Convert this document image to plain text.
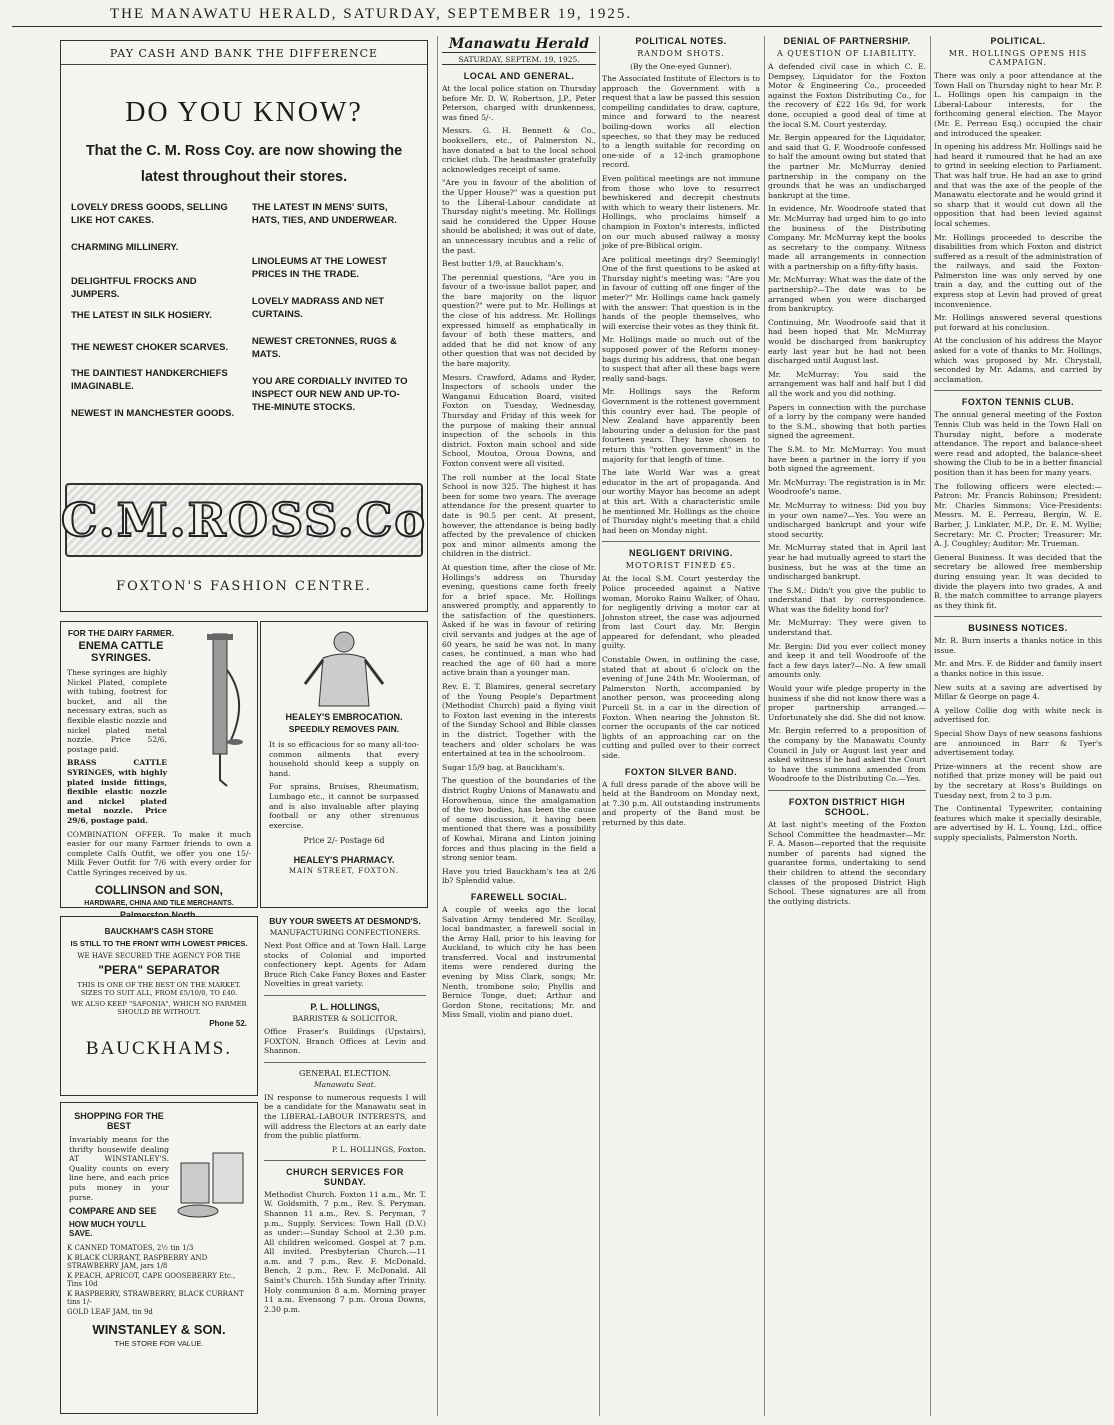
THE MANAWATU HERALD, SATURDAY, SEPTEMBER 19, 1925.
PAY CASH AND BANK THE DIFFERENCE
DO YOU KNOW?
That the C. M. Ross Coy. are now showing the
latest throughout their stores.
LOVELY DRESS GOODS, SELLING LIKE HOT CAKES.
CHARMING MILLINERY.
DELIGHTFUL FROCKS AND JUMPERS.
THE LATEST IN SILK HOSIERY.
THE NEWEST CHOKER SCARVES.
THE DAINTIEST HANDKERCHIEFS IMAGINABLE.
NEWEST IN MANCHESTER GOODS.
THE LATEST IN MENS' SUITS, HATS, TIES, AND UNDERWEAR.
LINOLEUMS AT THE LOWEST PRICES IN THE TRADE.
LOVELY MADRASS AND NET CURTAINS.
NEWEST CRETONNES, RUGS & MATS.
YOU ARE CORDIALLY INVITED TO INSPECT OUR NEW AND UP-TO-THE-MINUTE STOCKS.
C.M.ROSS.Co
FOXTON'S FASHION CENTRE.
FOR THE DAIRY FARMER.
ENEMA CATTLE SYRINGES.

These syringes are highly Nickel Plated, complete with tubing, footrest for bucket, and all the necessary extras, such as flexible elastic nozzle and nickel plated metal nozzle. Price 52/6, postage paid.

BRASS CATTLE SYRINGES, with highly plated inside fittings, flexible elastic nozzle and nickel plated metal nozzle. Price 29/6, postage paid.

COMBINATION OFFER. To make it much easier for our many Farmer friends to own a complete Calfs Outfit, we offer you one 15/- Milk Fever Outfit for 7/6 with every order for Cattle Syringes received by us.

COLLINSON and SON,
HARDWARE, CHINA AND TILE MERCHANTS.
HEALEY'S EMBROCATION.
SPEEDILY REMOVES PAIN.

It is so efficacious for so many all-too-common ailments that every household should keep a supply on hand.

For sprains, Bruises, Rheumatism, Lumbago etc., it cannot be surpassed and is also invaluable after playing football or any other strenuous exercise.

Price 2/- Postage 6d
HEALEY'S PHARMACY.
MAIN STREET, FOXTON.
BAUCKHAM'S CASH STORE
IS STILL TO THE FRONT WITH LOWEST PRICES.
WE HAVE SECURED THE AGENCY FOR THE
"PERA" SEPARATOR
THIS IS ONE OF THE BEST ON THE MARKET. SIZES TO SUIT ALL, FROM £5/10/0, TO £40.
WE ALSO KEEP "SAFONIA", WHICH NO FARMER SHOULD BE WITHOUT.
Phone 52.
BAUCKHAMS.
SHOPPING FOR THE BEST

Invariably means for the thrifty housewife dealing AT WINSTANLEY'S. Quality counts on every line here, and each price puts money in your purse.

COMPARE AND SEE
HOW MUCH YOU'LL SAVE.
K CANNED TOMATOES, 2½ tin 1/3
K BLACK CURRANT, RASPBERRY AND STRAWBERRY JAM, jars 1/8
K PEACH, APRICOT, CAPE GOOSEBERRY Etc., Tins 10d
K RASPBERRY, STRAWBERRY, BLACK CURRANT tins 1/-
GOLD LEAF JAM, tin 9d
WINSTANLEY & SON.
THE STORE FOR VALUE.
BUY YOUR SWEETS AT DESMOND'S.
MANUFACTURING CONFECTIONERS.

Next Post Office and at Town Hall. Large stocks of Colonial and imported confectionery kept. Agents for Adam Bruce Rich Cake Fancy Boxes and Easter Novelties in great variety.

P. L. HOLLINGS,
BARRISTER & SOLICITOR.

Office Fraser's Buildings (Upstairs), FOXTON. Branch Offices at Levin and Shannon.

GENERAL ELECTION.
Manawatu Seat.

IN response to numerous requests I will be a candidate for the Manawatu seat in the LIBERAL-LABOUR INTERESTS, and will address the Electors at an early date from the public platform.

P. L. HOLLINGS, Foxton.
CHURCH SERVICES FOR SUNDAY.

Methodist Church. Foxton 11 a.m., Mr. T. W. Goldsmith, 7 p.m., Rev. S. Peryman. Shannon 11 a.m., Rev. S. Peryman, 7 p.m., Supply. Services: Town Hall (D.V.) as under:—Sunday School at 2.30 p.m. All children welcomed. Gospel at 7 p.m. All invited. Presbyterian Church.—11 a.m. and 7 p.m., Rev. F. McDonald. Bench, 2 p.m., Rev. F. McDonald. All Saint's Church. 15th Sunday after Trinity. Holy communion 8 a.m. Morning prayer 11 a.m. Evensong 7 p.m. Oroua Downs, 2.30 p.m.

Manawatu Herald
SATURDAY, SEPTEM. 19, 1925.
LOCAL AND GENERAL.

At the local police station on Thursday before Mr. D. W. Robertson, J.P., Peter Peterson, charged with drunkenness, was fined 5/-.

Messrs. G. H. Bennett & Co., booksellers, etc., of Palmerston N., have donated a bat to the local school cricket club. The headmaster gratefully acknowledges receipt of same.

"Are you in favour of the abolition of the Upper House?" was a question put to the Liberal-Labour candidate at Thursday night's meeting. Mr. Hollings said he considered the Upper House should be abolished; it was out of date, an unnecessary incubus and a relic of the past.

Best butter 1/9, at Bauckham's.

The perennial questions, "Are you in favour of a two-issue ballot paper, and the bare majority on the liquor question?" were put to Mr. Hollings at the close of his address. Mr. Hollings expressed himself as emphatically in favour of both these matters, and added that he did not know of any other question that was not decided by the bare majority.

Messrs. Crawford, Adams and Ryder, Inspectors of schools under the Wanganui Education Board, visited Foxton on Tuesday, Wednesday, Thursday and Friday of this week for the purpose of making their annual inspection of the schools in this district. Foxton main school and side School, Moutoa, Oroua Downs, and Foxton convent were all visited.

The roll number at the local State School is now 325. The highest it has been for some two years. The average attendance for the present quarter to date is 90.5 per cent. At present, however, the attendance is being badly affected by the prevalence of chicken pox and minor ailments among the children in the district.

At question time, after the close of Mr. Hollings's address on Thursday evening, questions came forth freely for a brief space. Mr. Hollings answered promptly, and apparently to the satisfaction of the questioners. Asked if he was in favour of retiring civil servants and judges at the age of 60 years, he said he was not. In many cases, he continued, a man who had reached the age of 60 had a more active brain than a younger man.

Rev. E. T. Blamires, general secretary of the Young People's Department (Methodist Church) paid a flying visit to Foxton last evening in the interests of the Sunday School and Bible classes in the district. Together with the teachers and older scholars he was entertained at tea in the schoolroom.

Sugar 15/9 bag, at Bauckham's.

The question of the boundaries of the district Rugby Unions of Manawatu and Horowhenua, since the amalgamation of the two bodies, has been the cause of some discussion, it having been mentioned that there was a possibility of Kowhai, Mirana and Linton joining forces and thus placing in the field a strong senior team.

Have you tried Bauckham's tea at 2/6 lb? Splendid value.

FAREWELL SOCIAL.

A couple of weeks ago the local Salvation Army tendered Mr. Scollay, local bandmaster, a farewell social in the Army Hall, prior to his leaving for Auckland, to which city he has been transferred. Vocal and instrumental items were rendered during the evening by Miss Clark, songs; Mr. Nenth, trombone solo; Phyllis and Bernice Tonge, duet; Arthur and Gordon Stone, recitations; Mr. and Miss Small, violin and piano duet.

POLITICAL NOTES.
RANDOM SHOTS.
(By the One-eyed Gunner).

The Associated Institute of Electors is to approach the Government with a request that a law be passed this session compelling candidates to draw, capture, mince and forward to the nearest boiling-down works all election speeches, so that they may be reduced to a length suitable for recording on one-side of a 12-inch gramophone record.

Even political meetings are not immune from those who love to resurrect bewhiskered and decrepit chestnuts with which to weary their listeners. Mr. Hollings, who proclaims himself a champion in Foxton's interests, inflicted on our much abused railway a mossy joke of pre-Biblical origin.

Are political meetings dry? Seemingly! One of the first questions to be asked at Thursday night's meeting was: "Are you in favour of cutting off one finger of the meter?" Mr. Hollings came back gamely with the answer: That question is in the hands of the people themselves, who will exercise their votes as they think fit.

Mr. Hollings made so much out of the supposed power of the Reform money-bags during his address, that one began to suspect that after all these bags were really sand-bags.

Mr. Hollings says the Reform Government is the rottenest government this country ever had. The people of New Zealand have apparently been labouring under a delusion for the past fourteen years. They have chosen to return this "rotten government" in the majority for that length of time.

The late World War was a great educator in the art of propaganda. And our worthy Mayor has become an adept at this art. With a characteristic smile he mentioned Mr. Hollings as the choice of Thursday night's meeting that a child had been on Monday night.

NEGLIGENT DRIVING.
MOTORIST FINED £5.

At the local S.M. Court yesterday the Police proceeded against a Native woman, Moroko Rainu Walker, of Ohau, for negligently driving a motor car at Johnston street, the case was adjourned from last Court day. Mr. Bergin appeared for defendant, who pleaded guilty.

Constable Owen, in outlining the case, stated that at about 6 o'clock on the evening of June 24th Mr. Woolerman, of Palmerston North, accompanied by another person, was proceeding along Purcell St. in a car in the direction of Foxton. When nearing the Johnston St. corner the occupants of the car noticed lights of an approaching car on the cutting and pulled over to their correct side.

FOXTON SILVER BAND.

A full dress parade of the above will be held at the Bandroom on Monday next, at 7.30 p.m. All outstanding instruments and property of the Band must be returned by this date.

DENIAL OF PARTNERSHIP.
A QUESTION OF LIABILITY.

A defended civil case in which C. E. Dempsey, Liquidator for the Foxton Motor & Engineering Co., proceeded against the Foxton Distributing Co., for the recovery of £22 16s 9d, for work done, occupied a good deal of time at the local S.M. Court yesterday.

Mr. Bergin appeared for the Liquidator, and said that G. F. Woodroofe confessed to half the amount owing but stated that the partner Mr. McMurray denied partnership in the company on the grounds that he was an undischarged bankrupt at the time.

In evidence, Mr. Woodroofe stated that Mr. McMurray had urged him to go into the business of the Distributing Company. Mr. McMurray kept the books as secretary to the company. Witness made all arrangements in connection with a partnership on a fifty-fifty basis.

Mr. McMurray: What was the date of the partnership?—The date was to be arranged when you were discharged from bankruptcy.

Continuing, Mr. Woodroofe said that it had been hoped that Mr. McMurray would be discharged from bankruptcy early last year but he had not been discharged until August last.

Mr. McMurray: You said the arrangement was half and half but I did all the work and you did nothing.

Papers in connection with the purchase of a lorry by the company were handed to the S.M., showing that both parties signed the agreement.

The S.M. to Mr. McMurray: You must have been a partner in the lorry if you both signed the agreement.

Mr. McMurray: The registration is in Mr. Woodroofe's name.

Mr. McMurray to witness: Did you buy in your own name?—Yes. You were an undischarged bankrupt and your wife stood security.

Mr. McMurray stated that in April last year he had mutually agreed to start the business, but he was at the time an undischarged bankrupt.

The S.M.: Didn't you give the public to understand that by correspondence. What was the fidelity bond for?

Mr. McMurray: They were given to understand that.

Mr. Bergin: Did you ever collect money and keep it and tell Woodroofe of the fact a few days later?—No. A few small amounts only.

Would your wife pledge property in the business if she did not know there was a proper partnership arranged.—Unfortunately she did. She did not know.

Mr. Bergin referred to a proposition of the company by the Manawatu County Council in July or August last year and asked witness if he had asked the Court to have the summons amended from Woodroofe to the Distributing Co.—Yes.

FOXTON DISTRICT HIGH SCHOOL.

At last night's meeting of the Foxton School Committee the headmaster—Mr. F. A. Mason—reported that the requisite number of parents had signed the guarantee forms, undertaking to send their children to attend the secondary classes of the proposed District High School. These signatures are all from the outlying districts.

POLITICAL.
MR. HOLLINGS OPENS HIS CAMPAIGN.

There was only a poor attendance at the Town Hall on Thursday night to hear Mr. P. L. Hollings open his campaign in the Liberal-Labour interests, for the forthcoming general election. The Mayor (Mr. E. Perreau Esq.) occupied the chair and introduced the speaker.

In opening his address Mr. Hollings said he had heard it rumoured that he had an axe to grind in seeking election to Parliament. That was half true. He had an axe to grind and that was the axe of the people of the Manawatu electorate and he would grind it so sharp that it would cut down all the opposition that had been levied against local schemes.

Mr. Hollings proceeded to describe the disabilities from which Foxton and district suffered as a result of the administration of the railways, and said the Foxton-Palmerston line was only served by one train a day, and the cutting out of the express stop at Levin had proved of great inconvenience.

Mr. Hollings answered several questions put forward at his conclusion.

At the conclusion of his address the Mayor asked for a vote of thanks to Mr. Hollings, which was proposed by Mr. Chrystall, seconded by Mr. Adams, and carried by acclamation.

FOXTON TENNIS CLUB.

The annual general meeting of the Foxton Tennis Club was held in the Town Hall on Thursday night, before a moderate attendance. The report and balance-sheet were read and adopted, the balance-sheet showing the Club to be in a better financial position than it has been for many years.

The following officers were elected:—Patron: Mr. Francis Robinson; President: Mr. Charles Simmons; Vice-Presidents: Messrs. M. E. Perreau, Bergin, W. E. Barber, J. Linklater, M.P., Dr. E. M. Wyllie; Secretary: Mr. C. Procter; Treasurer: Mr. A. J. Coughley; Auditor: Mr. Trueman.

General Business. It was decided that the secretary be allowed free membership during ensuing year. It was decided to divide the players into two grades, A and B, the match committee to arrange players as they think fit.

BUSINESS NOTICES.

Mr. R. Burn inserts a thanks notice in this issue.

Mr. and Mrs. F. de Ridder and family insert a thanks notice in this issue.

New suits at a saving are advertised by Millar & George on page 4.

A yellow Collie dog with white neck is advertised for.

Special Show Days of new seasons fashions are announced in Barr & Tyer's advertisement today.

Prize-winners at the recent show are notified that prize money will be paid out by the secretary at Ross's Buildings on Tuesday next, from 2 to 3 p.m.

The Continental Typewriter, containing features which make it specially desirable, are advertised by H. L. Young, Ltd., office supply specialists, Palmerston North.
